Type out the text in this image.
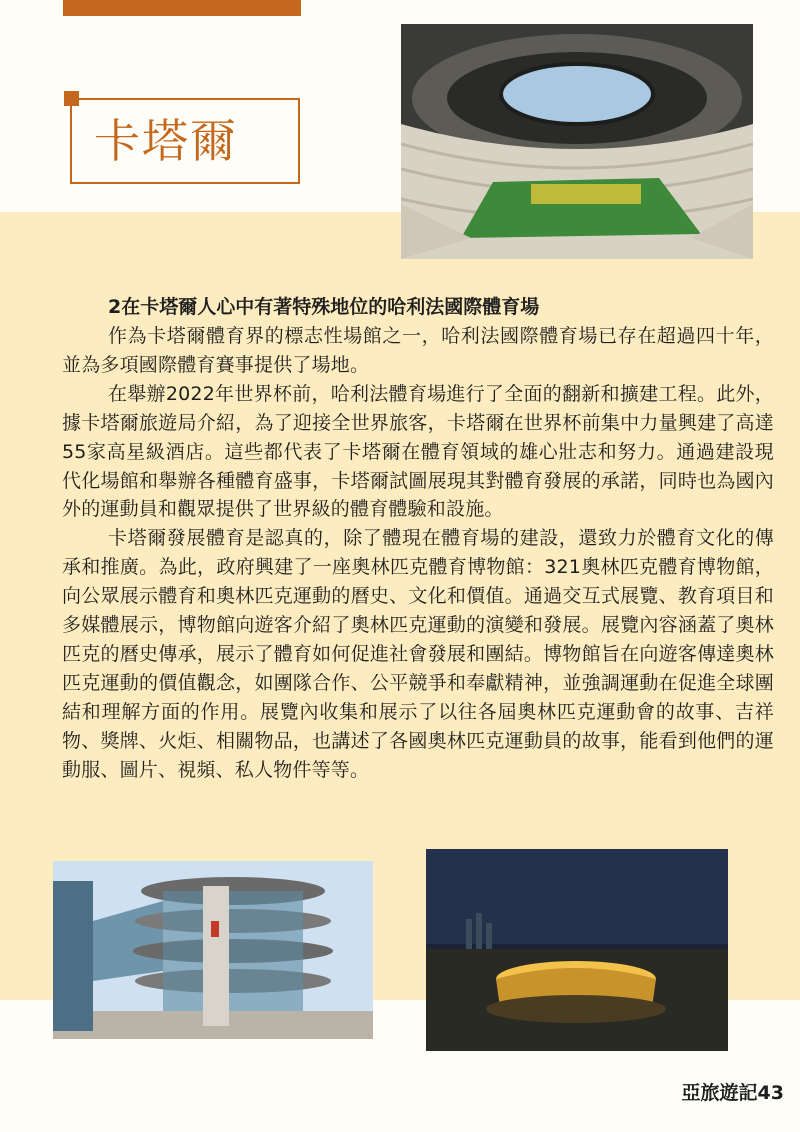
卡塔爾
2在卡塔爾人心中有著特殊地位的哈利法國際體育場

作為卡塔爾體育界的標志性場館之一，哈利法國際體育場已存在超過四十年，並為多項國際體育賽事提供了場地。

在舉辦2022年世界杯前，哈利法體育場進行了全面的翻新和擴建工程。此外，據卡塔爾旅遊局介紹，為了迎接全世界旅客，卡塔爾在世界杯前集中力量興建了高達55家高星級酒店。這些都代表了卡塔爾在體育領域的雄心壯志和努力。通過建設現代化場館和舉辦各種體育盛事，卡塔爾試圖展現其對體育發展的承諾，同時也為國內外的運動員和觀眾提供了世界級的體育體驗和設施。

卡塔爾發展體育是認真的，除了體現在體育場的建設，還致力於體育文化的傳承和推廣。為此，政府興建了一座奧林匹克體育博物館：321奧林匹克體育博物館，向公眾展示體育和奧林匹克運動的曆史、文化和價值。通過交互式展覽、教育項目和多媒體展示，博物館向遊客介紹了奧林匹克運動的演變和發展。展覽內容涵蓋了奧林匹克的曆史傳承，展示了體育如何促進社會發展和團結。博物館旨在向遊客傳達奧林匹克運動的價值觀念，如團隊合作、公平競爭和奉獻精神，並強調運動在促進全球團結和理解方面的作用。展覽內收集和展示了以往各屆奧林匹克運動會的故事、吉祥物、獎牌、火炬、相關物品，也講述了各國奧林匹克運動員的故事，能看到他們的運動服、圖片、視頻、私人物件等等。

亞旅遊記43
